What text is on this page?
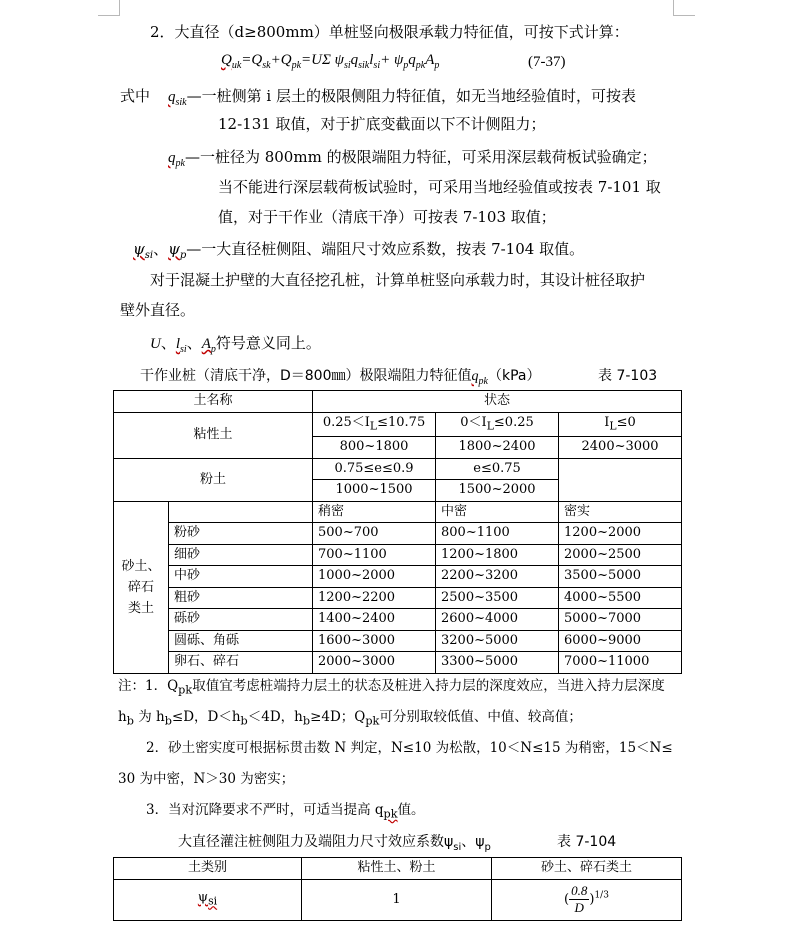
2．大直径（d≥800mm）单桩竖向极限承载力特征值，可按下式计算：
$Q_{uk}=Q_{sk}+Q_{pk}=U\Sigma$ $\psi_{si}q_{sik}l_{si}+ \psi_pq_{pk}A_p$	(7-37)
式中 $q_{sik}—$一桩侧第 i 层土的极限侧阻力特征值，如无当地经验值时，可按表
12-131 取值，对于扩底变截面以下不计侧阻力；
$q_{pk}—$一桩径为 800mm 的极限端阻力特征，可采用深层载荷板试验确定；
当不能进行深层载荷板试验时，可采用当地经验值或按表 7-101 取
值，对于干作业（清底干净）可按表 7-103 取值；
$\psi_{si}$、$\psi_p—$一大直径桩侧阻、端阻尺寸效应系数，按表 7-104 取值。
对于混凝土护壁的大直径挖孔桩，计算单桩竖向承载力时，其设计桩径取护
壁外直径。
U、$l_{si}$、$A_p$符号意义同上。
干作业桩（清底干净，D＝800㎜）极限端阻力特征值$q_{pk}(kPa)$	表 7-103
土名称		状态		
粘性土		$0.25<I_L\le 10.75$	$0<I_L\le 0.25$	$I_L\le 0$
		800~1800	1800~2400	2400~3000
粉土		0.75≤e≤0.9	e≤0.75	
		1000~1500	1500~2000	
砂土、
碎石
类土		稍密	中密	密实
	粉砂	500~700	800~1100	1200~2000
	细砂	700~1100	1200~1800	2000~2500
	中砂	1000~2000	2200~3200	3500~5000
	粗砂	1200~2200	2500~3500	4000~5500
	砾砂	1400~2400	2600~4000	5000~7000
	圆砾、角砾	1600~3000	3200~5000	6000~9000
	卵石、碎石	2000~3000	3300~5000	7000~11000
注：1．$Q_{pk}$取值宜考虑桩端持力层土的状态及桩进入持力层的深度效应，当进入持力层深度
$h_b$ 为 $h_b\le D$，$D<h_b<4D$，$h_b\ge 4D$；$Q_{pk}$可分别取较低值、中值、较高值；
2．砂土密实度可根据标贯击数 N 判定，N≤10 为松散，10＜N≤15 为稍密，15＜N≤
30 为中密，N＞30 为密实；
3．当对沉降要求不严时，可适当提高 $q_{pk}$值。
大直径灌注桩侧阻力及端阻力尺寸效应系数$\psi_{si}$、$\psi_p$	表 7-104
土类别	粘性土、粉土	砂土、碎石类土
$\psi_{si}$	1	( $\frac{0.8}{D} )^{1/3}$
